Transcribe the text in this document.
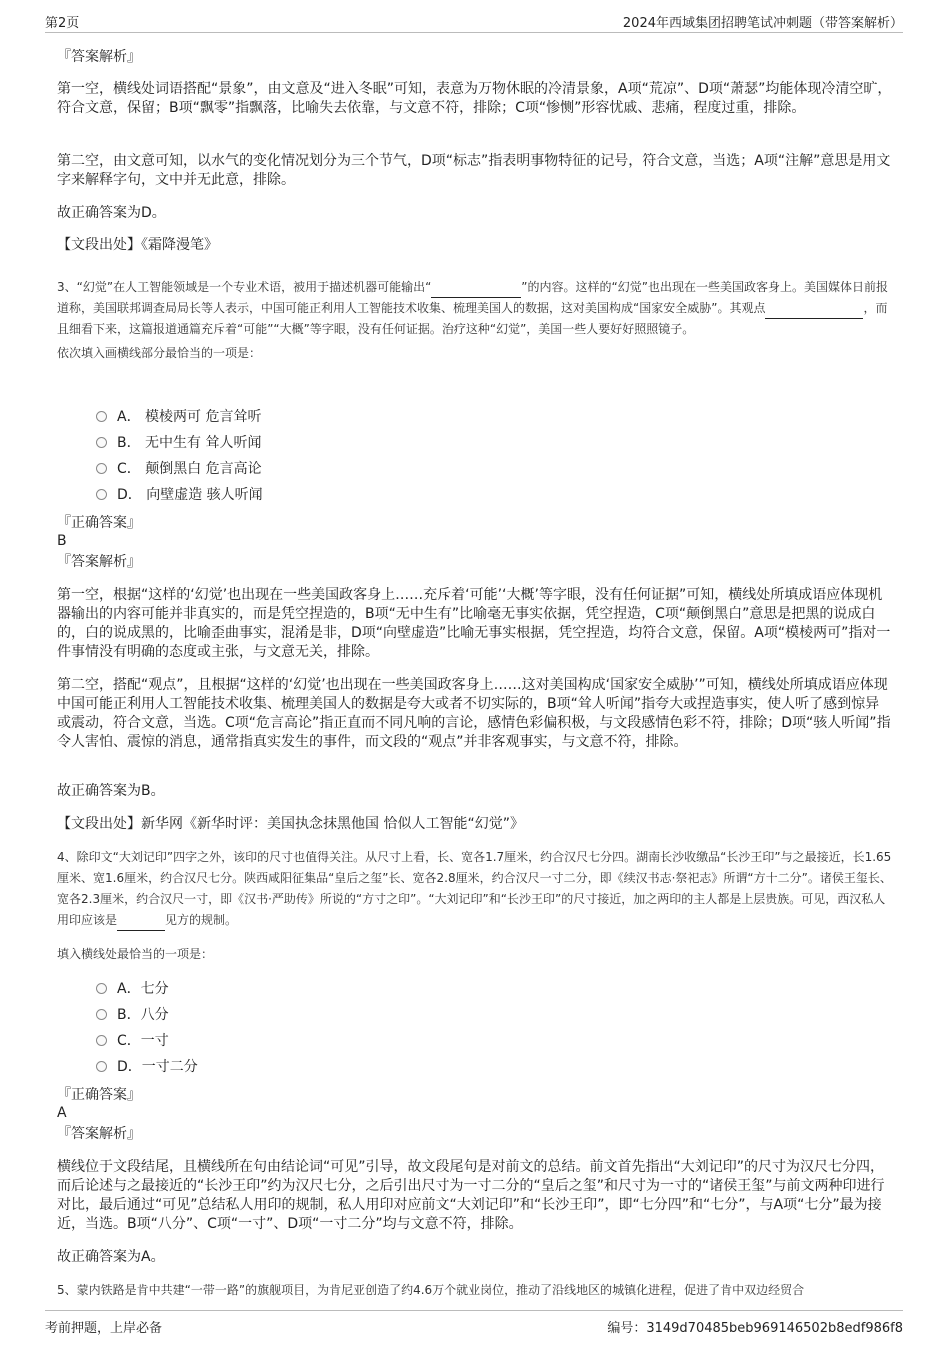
第2页	2024年西域集团招聘笔试冲刺题（带答案解析）

『答案解析』

第一空，横线处词语搭配“景象”，由文意及“进入冬眠”可知，表意为万物休眠的冷清景象，A项“荒凉”、D项“萧瑟”均能体现冷清空旷，符合文意，保留；B项“飘零”指飘落，比喻失去依靠，与文意不符，排除；C项“惨恻”形容忧戚、悲痛，程度过重，排除。

第二空，由文意可知，以水气的变化情况划分为三个节气，D项“标志”指表明事物特征的记号，符合文意，当选；A项“注解”意思是用文字来解释字句，文中并无此意，排除。

故正确答案为D。

【文段出处】《霜降漫笔》

3、“幻觉”在人工智能领域是一个专业术语，被用于描述机器可能输出“	”的内容。这样的“幻觉”也出现在一些美国政客身上。美国媒体日前报道称，美国联邦调查局局长等人表示，中国可能正利用人工智能技术收集、梳理美国人的数据，这对美国构成“国家安全威胁”。其观点	，而且细看下来，这篇报道通篇充斥着“可能”“大概”等字眼，没有任何证据。治疗这种“幻觉”，美国一些人要好好照照镜子。

依次填入画横线部分最恰当的一项是：

A． 模棱两可 危言耸听
B． 无中生有 耸人听闻
C． 颠倒黑白 危言高论
D． 向壁虚造 骇人听闻

『正确答案』

B

『答案解析』

第一空，根据“这样的‘幻觉’也出现在一些美国政客身上……充斥着‘可能’‘大概’等字眼，没有任何证据”可知，横线处所填成语应体现机器输出的内容可能并非真实的，而是凭空捏造的，B项“无中生有”比喻毫无事实依据，凭空捏造，C项“颠倒黑白”意思是把黑的说成白的，白的说成黑的，比喻歪曲事实，混淆是非，D项“向壁虚造”比喻无事实根据，凭空捏造，均符合文意，保留。A项“模棱两可”指对一件事情没有明确的态度或主张，与文意无关，排除。

第二空，搭配“观点”，且根据“这样的‘幻觉’也出现在一些美国政客身上……这对美国构成‘国家安全威胁’”可知，横线处所填成语应体现中国可能正利用人工智能技术收集、梳理美国人的数据是夸大或者不切实际的，B项“耸人听闻”指夸大或捏造事实，使人听了感到惊异或震动，符合文意，当选。C项“危言高论”指正直而不同凡响的言论，感情色彩偏积极，与文段感情色彩不符，排除；D项“骇人听闻”指令人害怕、震惊的消息，通常指真实发生的事件，而文段的“观点”并非客观事实，与文意不符，排除。

故正确答案为B。

【文段出处】新华网《新华时评：美国执念抹黑他国 恰似人工智能“幻觉”》

4、除印文“大刘记印”四字之外，该印的尺寸也值得关注。从尺寸上看，长、宽各1.7厘米，约合汉尺七分四。湖南长沙收缴品“长沙王印”与之最接近，长1.65厘米、宽1.6厘米，约合汉尺七分。陕西咸阳征集品“皇后之玺”长、宽各2.8厘米，约合汉尺一寸二分，即《续汉书志·祭祀志》所谓“方十二分”。诸侯王玺长、宽各2.3厘米，约合汉尺一寸，即《汉书·严助传》所说的“方寸之印”。“大刘记印”和“长沙王印”的尺寸接近，加之两印的主人都是上层贵族。可见，西汉私人用印应该是	见方的规制。

填入横线处最恰当的一项是：

A．七分
B．八分
C．一寸
D．一寸二分

『正确答案』

A

『答案解析』

横线位于文段结尾，且横线所在句由结论词“可见”引导，故文段尾句是对前文的总结。前文首先指出“大刘记印”的尺寸为汉尺七分四，而后论述与之最接近的“长沙王印”约为汉尺七分，之后引出尺寸为一寸二分的“皇后之玺”和尺寸为一寸的“诸侯王玺”与前文两种印进行对比，最后通过“可见”总结私人用印的规制，私人用印对应前文“大刘记印”和“长沙王印”，即“七分四”和“七分”，与A项“七分”最为接近，当选。B项“八分”、C项“一寸”、D项“一寸二分”均与文意不符，排除。

故正确答案为A。

5、蒙内铁路是肯中共建“一带一路”的旗舰项目，为肯尼亚创造了约4.6万个就业岗位，推动了沿线地区的城镇化进程，促进了肯中双边经贸合

考前押题，上岸必备	编号：3149d70485beb969146502b8edf986f8
